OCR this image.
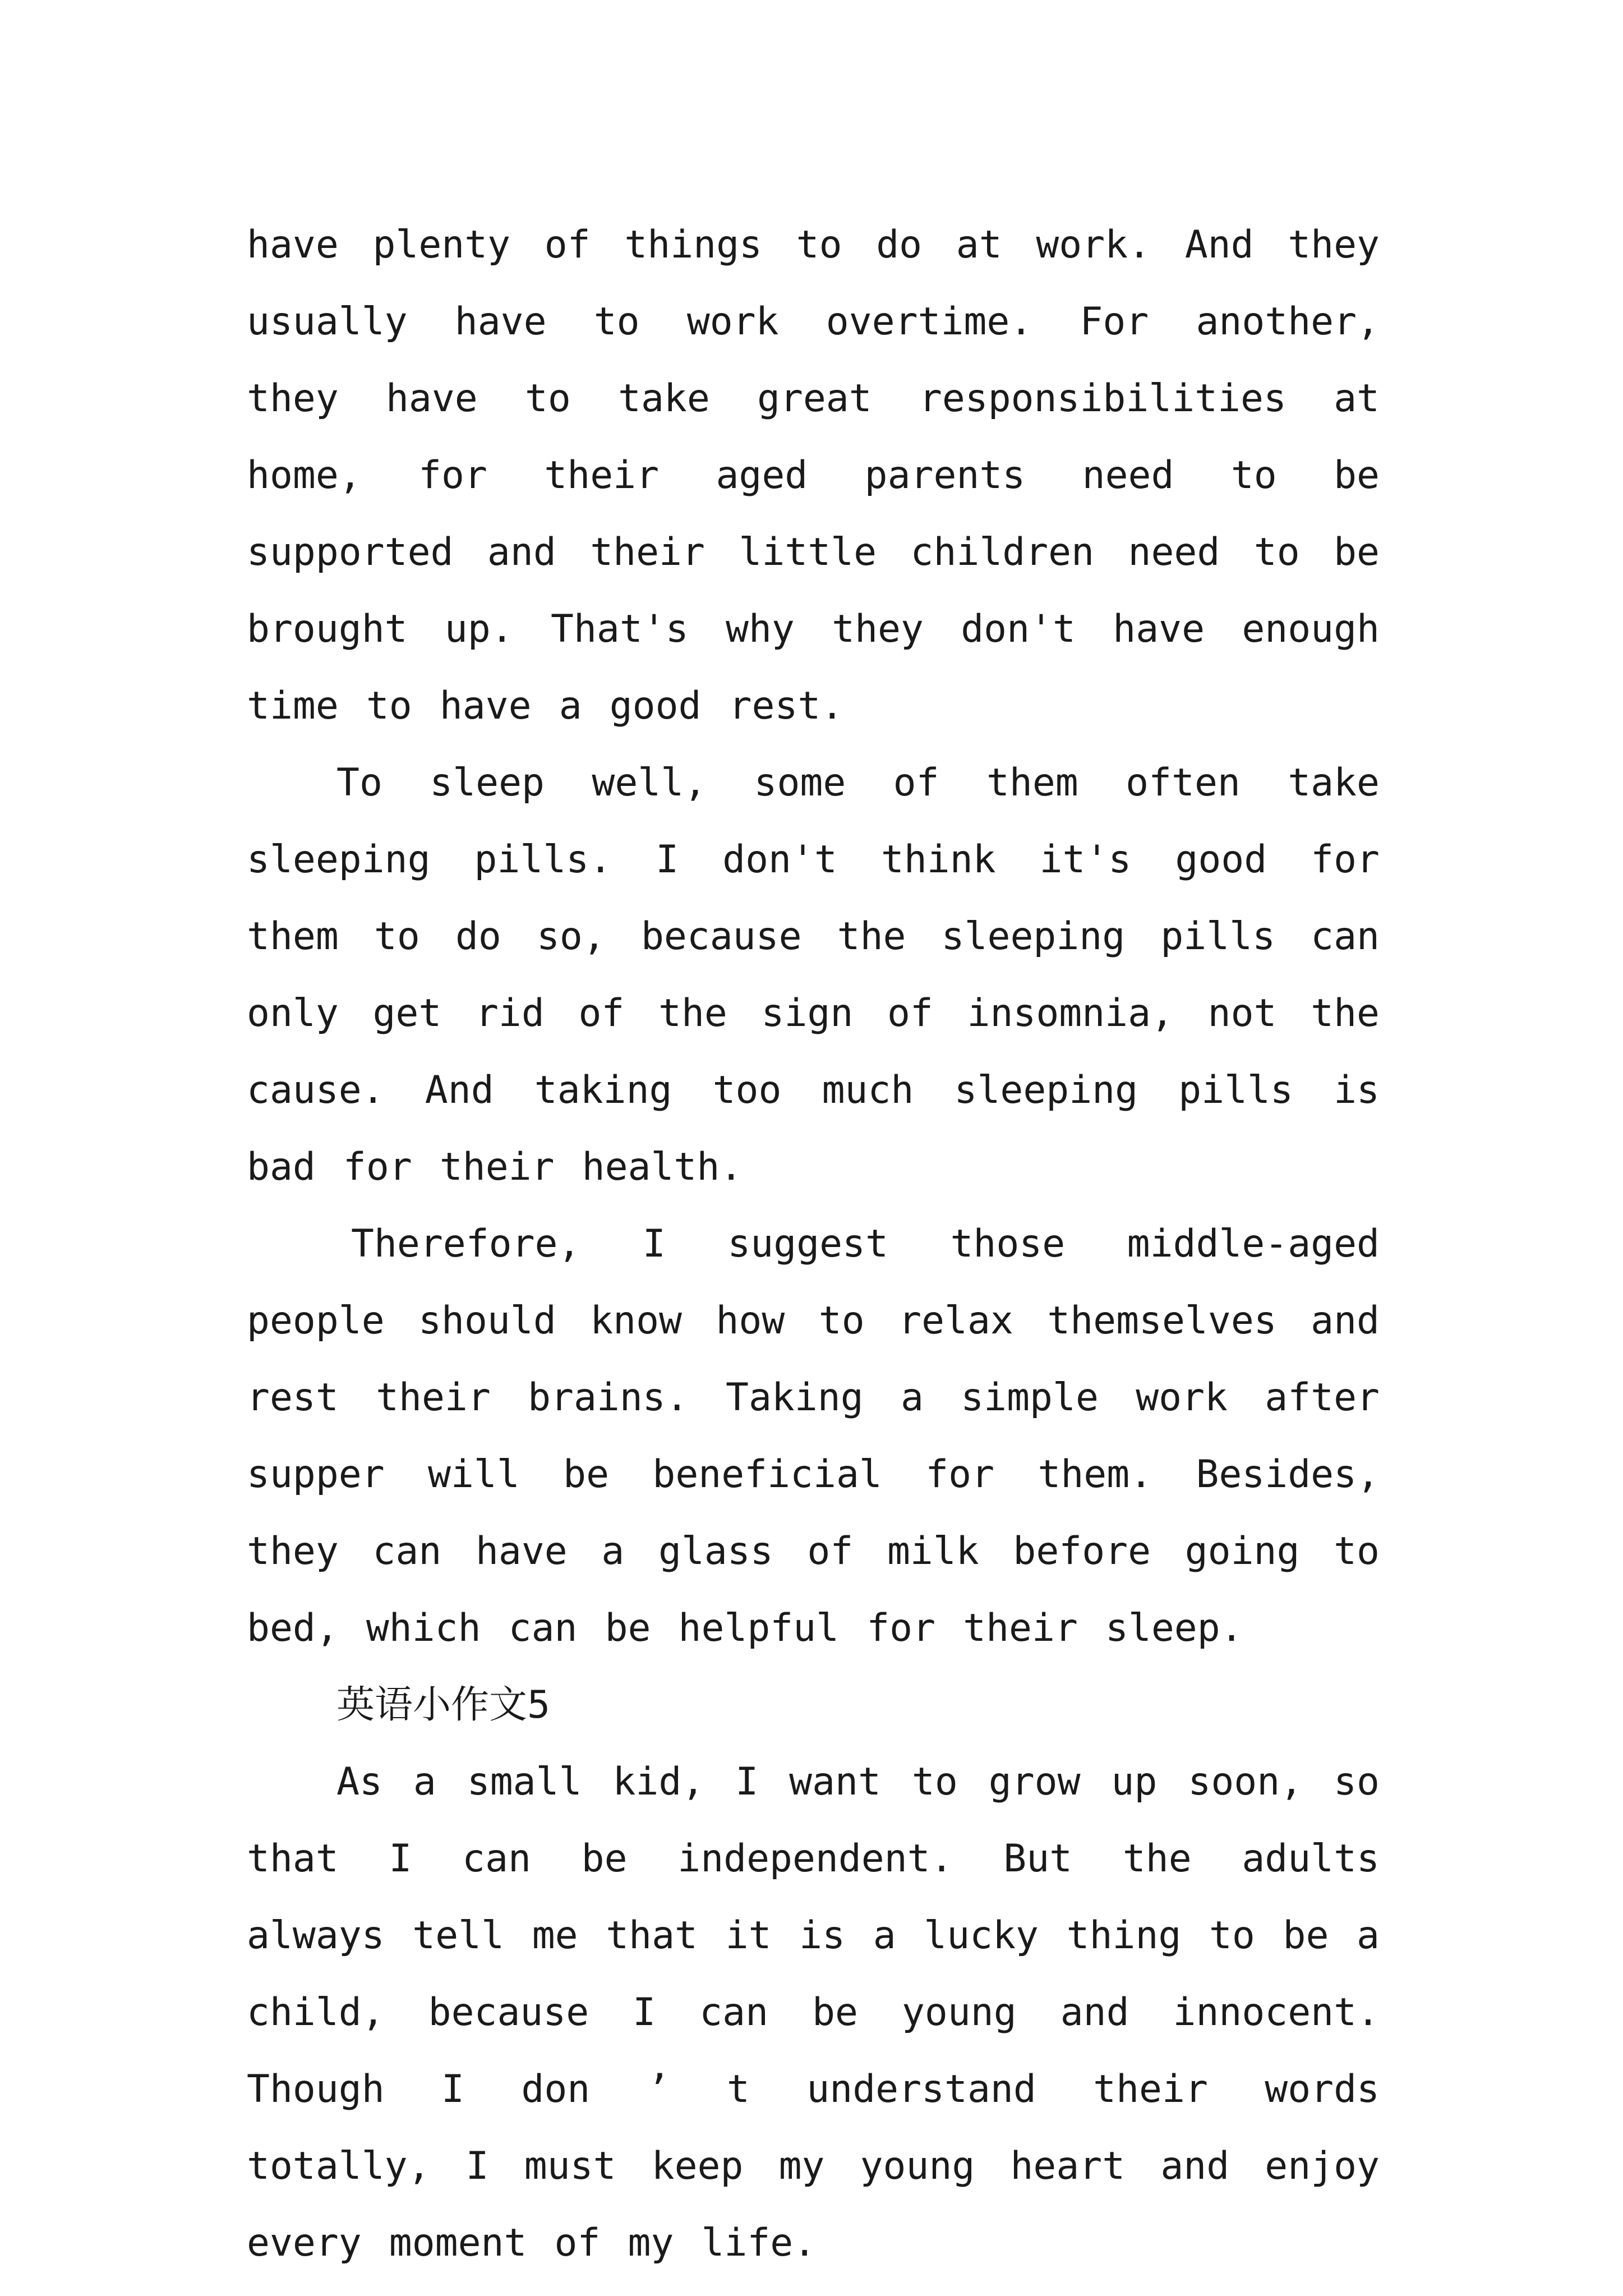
have plenty of things to do at work. And they usually have to work overtime. For another, they have to take great responsibilities at home, for their aged parents need to be supported and their little children need to be brought up. That's why they don't have enough time to have a good rest.

To sleep well, some of them often take sleeping pills. I don't think it's good for them to do so, because the sleeping pills can only get rid of the sign of insomnia, not the cause. And taking too much sleeping pills is bad for their health.

Therefore, I suggest those middle-aged people should know how to relax themselves and rest their brains. Taking a simple work after supper will be beneficial for them. Besides, they can have a glass of milk before going to bed, which can be helpful for their sleep.

英语小作文5

As a small kid, I want to grow up soon, so that I can be independent. But the adults always tell me that it is a lucky thing to be a child, because I can be young and innocent. Though I don ’ t understand their words totally, I must keep my young heart and enjoy every moment of my life.
